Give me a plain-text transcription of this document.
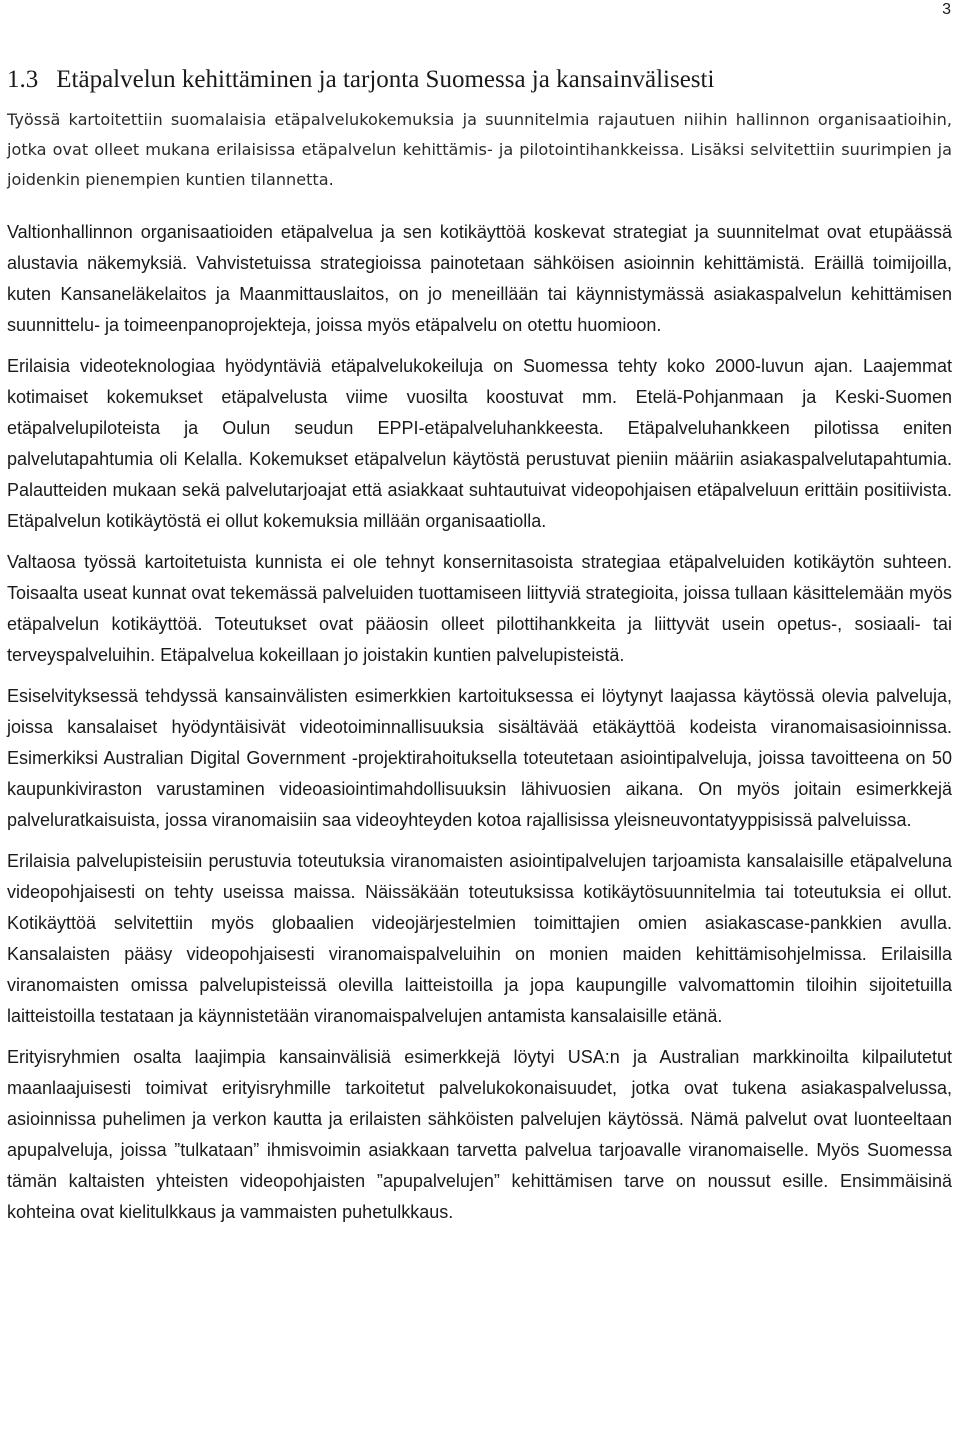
3
1.3 Etäpalvelun kehittäminen ja tarjonta Suomessa ja kansainvälisesti

Työssä kartoitettiin suomalaisia etäpalvelukokemuksia ja suunnitelmia rajautuen niihin hallinnon organisaatioihin, jotka ovat olleet mukana erilaisissa etäpalvelun kehittämis- ja pilotointihankkeissa. Lisäksi selvitettiin suurimpien ja joidenkin pienempien kuntien tilannetta.

Valtionhallinnon organisaatioiden etäpalvelua ja sen kotikäyttöä koskevat strategiat ja suunnitelmat ovat etupäässä alustavia näkemyksiä. Vahvistetuissa strategioissa painotetaan sähköisen asioinnin kehittämistä. Eräillä toimijoilla, kuten Kansaneläkelaitos ja Maanmittauslaitos, on jo meneillään tai käynnistymässä asiakaspalvelun kehittämisen suunnittelu- ja toimeenpanoprojekteja, joissa myös etäpalvelu on otettu huomioon.

Erilaisia videoteknologiaa hyödyntäviä etäpalvelukokeiluja on Suomessa tehty koko 2000-luvun ajan. Laajemmat kotimaiset kokemukset etäpalvelusta viime vuosilta koostuvat mm. Etelä-Pohjanmaan ja Keski-Suomen etäpalvelupiloteista ja Oulun seudun EPPI-etäpalveluhankkeesta. Etäpalveluhankkeen pilotissa eniten palvelutapahtumia oli Kelalla. Kokemukset etäpalvelun käytöstä perustuvat pieniin määriin asiakaspalvelutapahtumia. Palautteiden mukaan sekä palvelutarjoajat että asiakkaat suhtautuivat videopohjaisen etäpalveluun erittäin positiivista. Etäpalvelun kotikäytöstä ei ollut kokemuksia millään organisaatiolla.

Valtaosa työssä kartoitetuista kunnista ei ole tehnyt konsernitasoista strategiaa etäpalveluiden kotikäytön suhteen. Toisaalta useat kunnat ovat tekemässä palveluiden tuottamiseen liittyviä strategioita, joissa tullaan käsittelemään myös etäpalvelun kotikäyttöä. Toteutukset ovat pääosin olleet pilottihankkeita ja liittyvät usein opetus-, sosiaali- tai terveyspalveluihin. Etäpalvelua kokeillaan jo joistakin kuntien palvelupisteistä.

Esiselvityksessä tehdyssä kansainvälisten esimerkkien kartoituksessa ei löytynyt laajassa käytössä olevia palveluja, joissa kansalaiset hyödyntäisivät videotoiminnallisuuksia sisältävää etäkäyttöä kodeista viranomaisasioinnissa. Esimerkiksi Australian Digital Government -projektirahoituksella toteutetaan asiointipalveluja, joissa tavoitteena on 50 kaupunkiviraston varustaminen videoasiointimahdollisuuksin lähivuosien aikana. On myös joitain esimerkkejä palveluratkaisuista, jossa viranomaisiin saa videoyhteyden kotoa rajallisissa yleisneuvontatyyppisissä palveluissa.

Erilaisia palvelupisteisiin perustuvia toteutuksia viranomaisten asiointipalvelujen tarjoamista kansalaisille etäpalveluna videopohjaisesti on tehty useissa maissa. Näissäkään toteutuksissa kotikäytösuunnitelmia tai toteutuksia ei ollut. Kotikäyttöä selvitettiin myös globaalien videojärjestelmien toimittajien omien asiakascase-pankkien avulla. Kansalaisten pääsy videopohjaisesti viranomaispalveluihin on monien maiden kehittämisohjelmissa. Erilaisilla viranomaisten omissa palvelupisteissä olevilla laitteistoilla ja jopa kaupungille valvomattomin tiloihin sijoitetuilla laitteistoilla testataan ja käynnistetään viranomaispalvelujen antamista kansalaisille etänä.

Erityisryhmien osalta laajimpia kansainvälisiä esimerkkejä löytyi USA:n ja Australian markkinoilta kilpailutetut maanlaajuisesti toimivat erityisryhmille tarkoitetut palvelukokonaisuudet, jotka ovat tukena asiakaspalvelussa, asioinnissa puhelimen ja verkon kautta ja erilaisten sähköisten palvelujen käytössä. Nämä palvelut ovat luonteeltaan apupalveluja, joissa ”tulkataan” ihmisvoimin asiakkaan tarvetta palvelua tarjoavalle viranomaiselle. Myös Suomessa tämän kaltaisten yhteisten videopohjaisten ”apupalvelujen” kehittämisen tarve on noussut esille. Ensimmäisinä kohteina ovat kielitulkkaus ja vammaisten puhetulkkaus.
